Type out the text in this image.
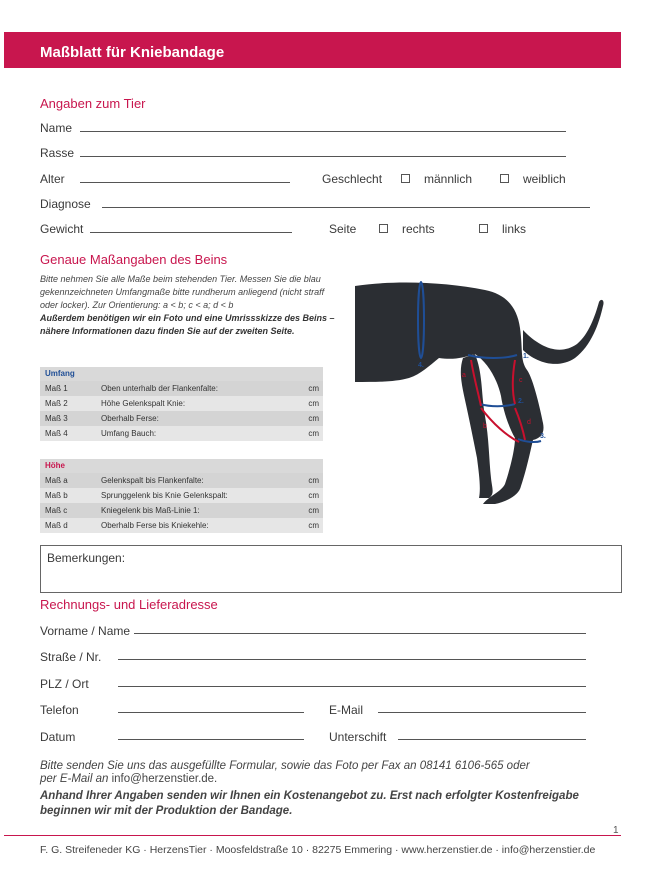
Maßblatt für Kniebandage
Angaben zum Tier
Name
Rasse
Alter	Geschlecht	männlich	weiblich
Diagnose
Gewicht	Seite	rechts	links
Genaue Maßangaben des Beins
Bitte nehmen Sie alle Maße beim stehenden Tier. Messen Sie die blau gekennzeichneten Umfangmaße bitte rundherum anliegend (nicht straff oder locker). Zur Orientierung: a < b; c < a; d < b
Außerdem benötigen wir ein Foto und eine Umrissskizze des Beins – nähere Informationen dazu finden Sie auf der zweiten Seite.
Umfang
Maß 1	Oben unterhalb der Flankenfalte:	cm
Maß 2	Höhe Gelenkspalt Knie:	cm
Maß 3	Oberhalb Ferse:	cm
Maß 4	Umfang Bauch:	cm
Höhe
Maß a	Gelenkspalt bis Flankenfalte:	cm
Maß b	Sprunggelenk bis Knie Gelenkspalt:	cm
Maß c	Kniegelenk bis Maß-Linie 1:	cm
Maß d	Oberhalb Ferse bis Kniekehle:	cm
1.
2.
3.
4.
a
b
c
d
Bemerkungen:
Rechnungs- und Lieferadresse
Vorname / Name
Straße / Nr.
PLZ / Ort
Telefon	E-Mail
Datum	Unterschift
Bitte senden Sie uns das ausgefüllte Formular, sowie das Foto per Fax an 08141 6106-565 oder
per E-Mail an info@herzenstier.de.
Anhand Ihrer Angaben senden wir Ihnen ein Kostenangebot zu. Erst nach erfolgter Kostenfreigabe beginnen wir mit der Produktion der Bandage.
1
F. G. Streifeneder KG · HerzensTier · Moosfeldstraße 10 · 82275 Emmering · www.herzenstier.de · info@herzenstier.de
